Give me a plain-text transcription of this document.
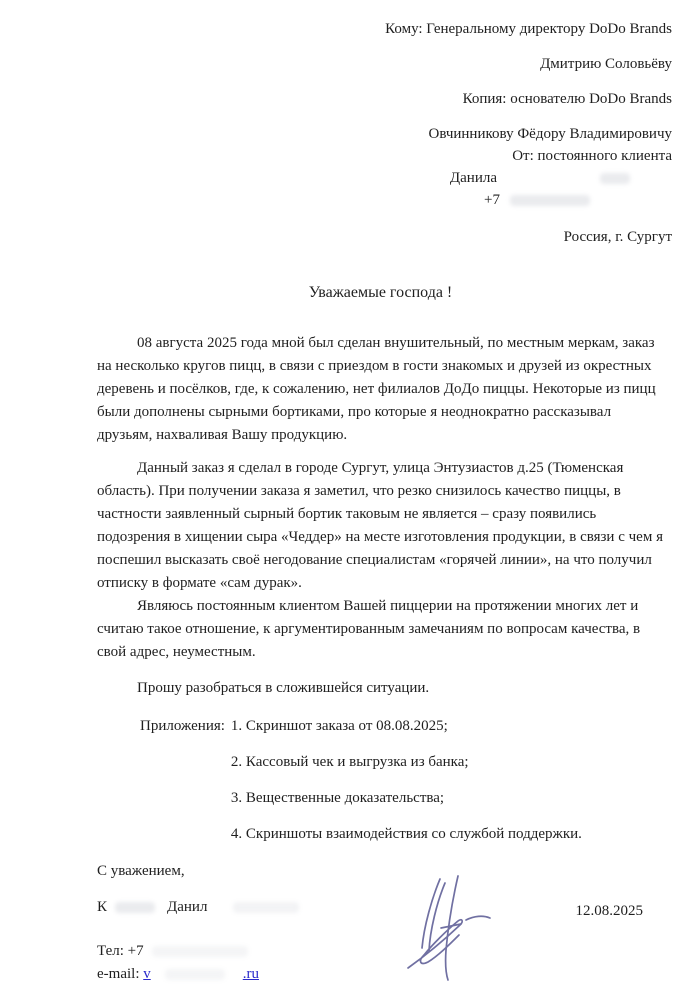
Кому: Генеральному директору DoDo Brands
Дмитрию Соловьёву
Копия: основателю DoDo Brands
Овчинникову Фёдору Владимировичу
От: постоянного клиента
Данила
+7
Россия, г. Сургут
Уважаемые господа !

08 августа 2025 года мной был сделан внушительный, по местным меркам, заказ на несколько кругов пицц, в связи с приездом в гости знакомых и друзей из окрестных деревень и посёлков, где, к сожалению, нет филиалов ДоДо пиццы. Некоторые из пицц были дополнены сырными бортиками, про которые я неоднократно рассказывал друзьям, нахваливая Вашу продукцию.

Данный заказ я сделал в городе Сургут, улица Энтузиастов д.25 (Тюменская область). При получении заказа я заметил, что резко снизилось качество пиццы, в частности заявленный сырный бортик таковым не является – сразу появились подозрения в хищении сыра «Чеддер» на месте изготовления продукции, в связи с чем я поспешил высказать своё негодование специалистам «горячей линии», на что получил отписку в формате «сам дурак».

Являюсь постоянным клиентом Вашей пиццерии на протяжении многих лет и считаю такое отношение, к аргументированным замечаниям по вопросам качества, в свой адрес, неуместным.

Прошу разобраться в сложившейся ситуации.

Приложения: 1. Скриншот заказа от 08.08.2025;
2. Кассовый чек и выгрузка из банка;
3. Вещественные доказательства;
4. Скриншоты взаимодействия со службой поддержки.
С уважением,
К	Данил
Тел: +7
e-mail:
v	.ru
12.08.2025
